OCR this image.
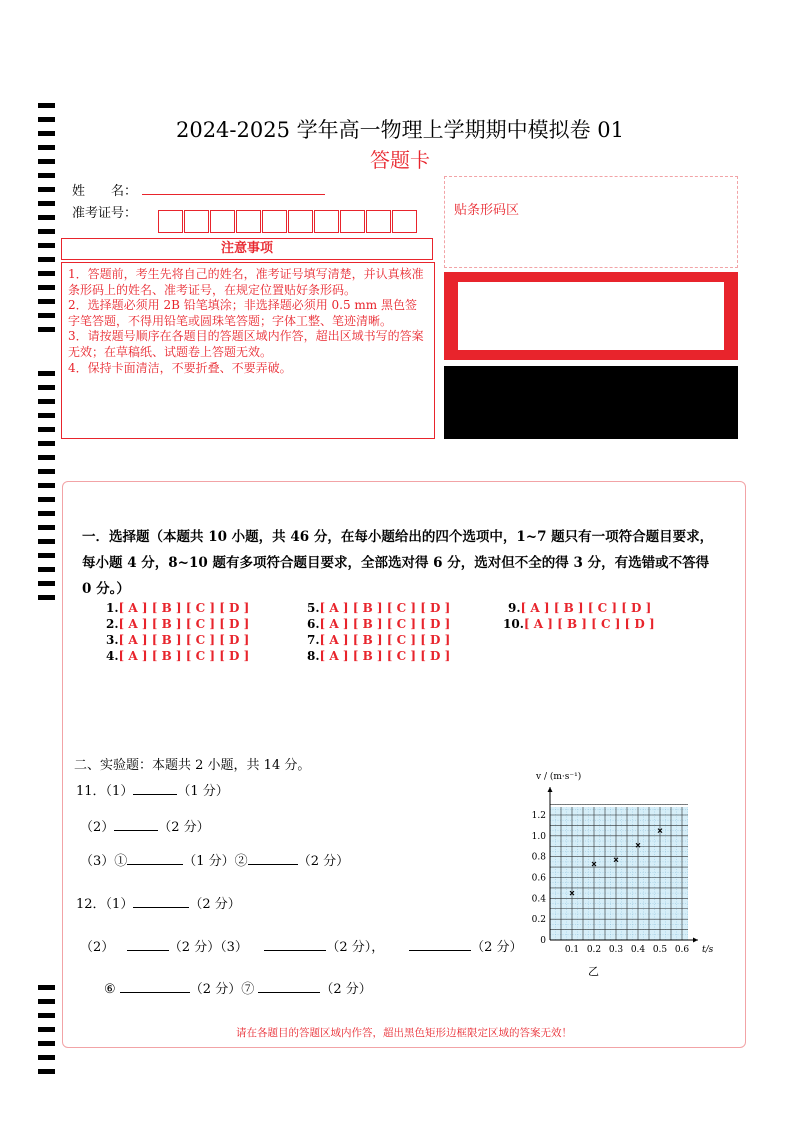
2024-2025 学年高一物理上学期期中模拟卷 01
答题卡
姓　　名：
准考证号：
注意事项

1．答题前，考生先将自己的姓名，准考证号填写清楚，并认真核准条形码上的姓名、准考证号，在规定位置贴好条形码。

2．选择题必须用 2B 铅笔填涂；非选择题必须用 0.5 mm 黑色签字笔答题，不得用铅笔或圆珠笔答题；字体工整、笔迹清晰。

3．请按题号顺序在各题目的答题区域内作答，超出区域书写的答案无效；在草稿纸、试题卷上答题无效。

4．保持卡面清洁，不要折叠、不要弄破。

贴条形码区
一．选择题（本题共 10 小题，共 46 分，在每小题给出的四个选项中，1~7 题只有一项符合题目要求，每小题 4 分，8~10 题有多项符合题目要求，全部选对得 6 分，选对但不全的得 3 分，有选错或不答得 0 分。）
1.[ A ] [ B ] [ C ] [ D ]
2.[ A ] [ B ] [ C ] [ D ]
3.[ A ] [ B ] [ C ] [ D ]
4.[ A ] [ B ] [ C ] [ D ]
5.[ A ] [ B ] [ C ] [ D ]
6.[ A ] [ B ] [ C ] [ D ]
7.[ A ] [ B ] [ C ] [ D ]
8.[ A ] [ B ] [ C ] [ D ]
9.[ A ] [ B ] [ C ] [ D ]
10.[ A ] [ B ] [ C ] [ D ]
二、实验题：本题共 2 小题，共 14 分。
11．（1）	（1 分）
（2）	（2 分）
（3）①	（1 分）②	（2 分）
12．（1）	（2 分）
（2）	（2 分）（3）	（2 分），	（2 分）
⑥	（2 分）⑦	（2 分）
0.1 0.2 0.3 0.4 0.5 0.6
0
0.2
0.4
0.6
0.8
1.0
1.2
v / (m·s⁻¹)
t/s
乙
请在各题目的答题区域内作答，超出黑色矩形边框限定区域的答案无效！
